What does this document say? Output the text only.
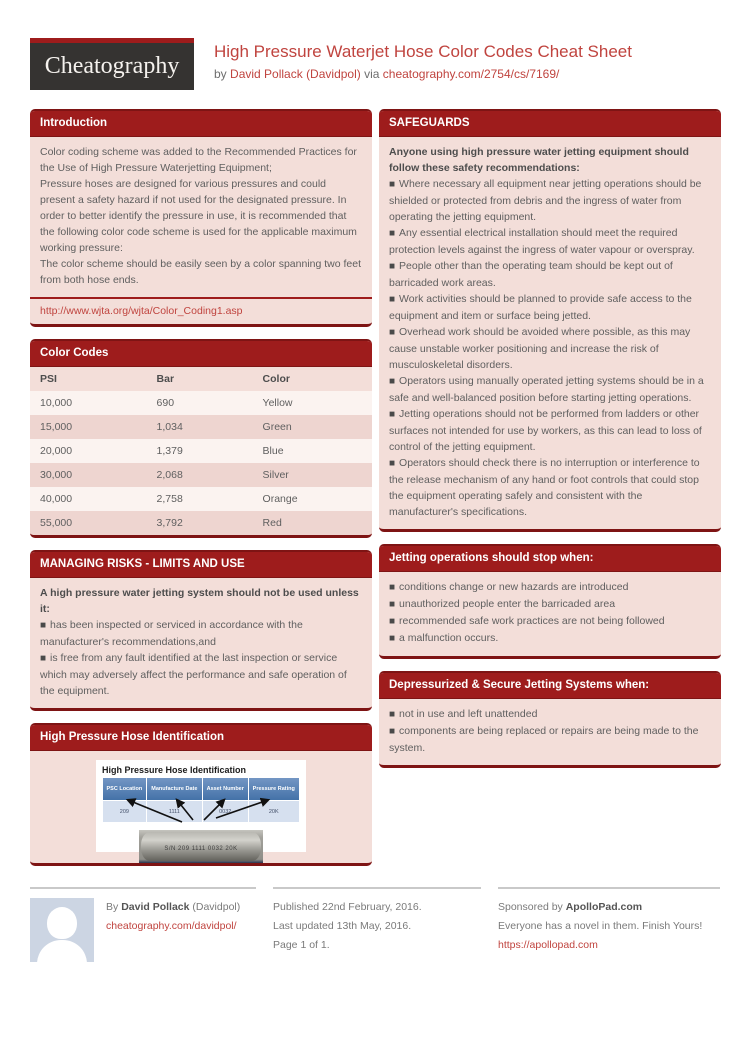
Cheatography
High Pressure Waterjet Hose Color Codes Cheat Sheet
by David Pollack (Davidpol) via cheatography.com/2754/cs/7169/
Introduction

Color coding scheme was added to the Recommended Practices for the Use of High Pressure Waterjetting Equipment;

Pressure hoses are designed for various pressures and could present a safety hazard if not used for the designated pressure. In order to better identify the pressure in use, it is recommended that the following color code scheme is used for the applicable maximum working pressure:

The color scheme should be easily seen by a color spanning two feet from both hose ends.

http://www.wjta.org/wjta/Color_Coding1.asp
Color Codes
PSI	Bar	Color
10,000	690	Yellow
15,000	1,034	Green
20,000	1,379	Blue
30,000	2,068	Silver
40,000	2,758	Orange
55,000	3,792	Red
MANAGING RISKS - LIMITS AND USE

A high pressure water jetting system should not be used unless it:

■ has been inspected or serviced in accordance with the manufacturer's recommendations,and

■ is free from any fault identified at the last inspection or service which may adversely affect the performance and safe operation of the equipment.

High Pressure Hose Identification
High Pressure Hose Identification
PSC Location	Manufacture Date	Asset Number	Pressure Rating
209	1111	0032	20K
S/N 209 1111 0032 20K
SAFEGUARDS

Anyone using high pressure water jetting equipment should follow these safety recommendations:

■ Where necessary all equipment near jetting operations should be shielded or protected from debris and the ingress of water from operating the jetting equipment.

■ Any essential electrical installation should meet the required protection levels against the ingress of water vapour or overspray.

■ People other than the operating team should be kept out of barricaded work areas.

■ Work activities should be planned to provide safe access to the equipment and item or surface being jetted.

■ Overhead work should be avoided where possible, as this may cause unstable worker positioning and increase the risk of musculoskeletal disorders.

■ Operators using manually operated jetting systems should be in a safe and well-balanced position before starting jetting operations.

■ Jetting operations should not be performed from ladders or other surfaces not intended for use by workers, as this can lead to loss of control of the jetting equipment.

■ Operators should check there is no interruption or interference to the release mechanism of any hand or foot controls that could stop the equipment operating safely and consistent with the manufacturer's specifications.

Jetting operations should stop when:

■ conditions change or new hazards are introduced

■ unauthorized people enter the barricaded area

■ recommended safe work practices are not being followed

■ a malfunction occurs.

Depressurized & Secure Jetting Systems when:

■ not in use and left unattended

■ components are being replaced or repairs are being made to the system.

By David Pollack (Davidpol)
cheatography.com/davidpol/
Published 22nd February, 2016.
Last updated 13th May, 2016.
Page 1 of 1.
Sponsored by ApolloPad.com
Everyone has a novel in them. Finish Yours!
https://apollopad.com
